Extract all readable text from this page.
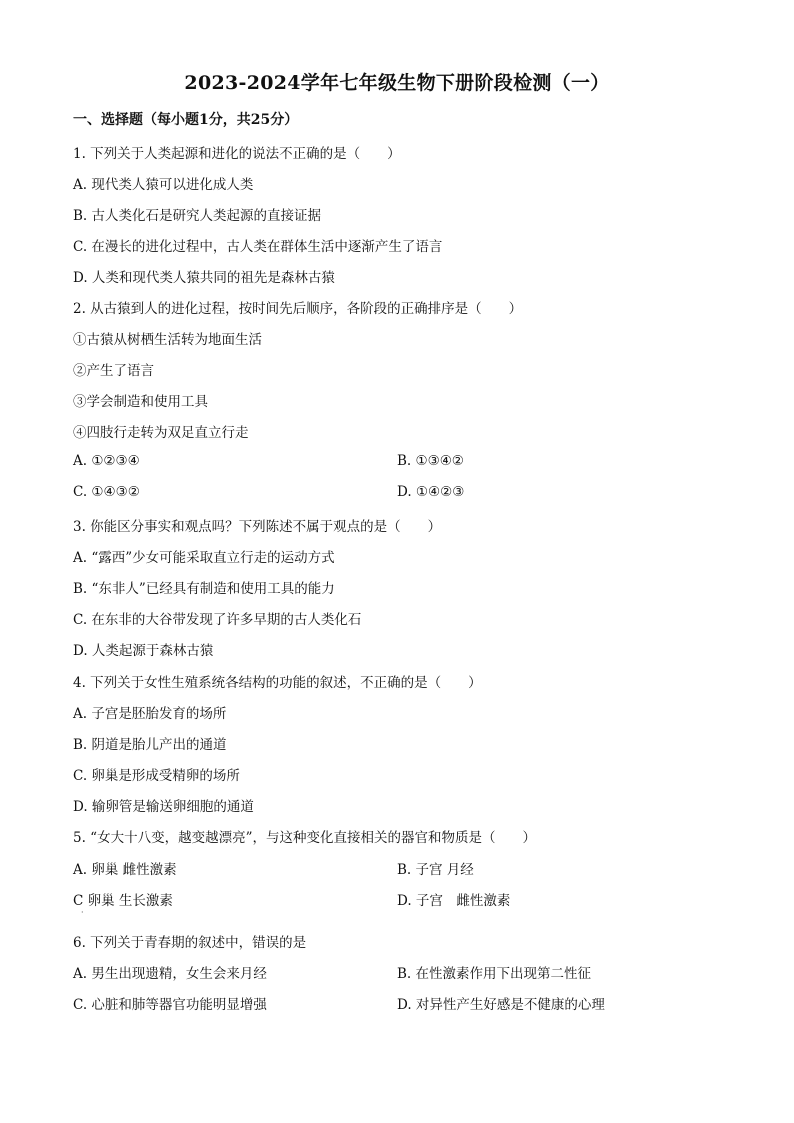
2023-2024学年七年级生物下册阶段检测（一）
一、选择题（每小题1分，共25分）
1. 下列关于人类起源和进化的说法不正确的是（　　）
A. 现代类人猿可以进化成人类
B. 古人类化石是研究人类起源的直接证据
C. 在漫长的进化过程中，古人类在群体生活中逐渐产生了语言
D. 人类和现代类人猿共同的祖先是森林古猿
2. 从古猿到人的进化过程，按时间先后顺序，各阶段的正确排序是（　　）
①古猿从树栖生活转为地面生活
②产生了语言
③学会制造和使用工具
④四肢行走转为双足直立行走
A. ①②③④	B. ①③④②
C. ①④③②	D. ①④②③
3. 你能区分事实和观点吗？下列陈述不属于观点的是（　　）
A. “露西”少女可能采取直立行走的运动方式
B. “东非人”已经具有制造和使用工具的能力
C. 在东非的大谷带发现了许多早期的古人类化石
D. 人类起源于森林古猿
4. 下列关于女性生殖系统各结构的功能的叙述，不正确的是（　　）
A. 子宫是胚胎发育的场所
B. 阴道是胎儿产出的通道
C. 卵巢是形成受精卵的场所
D. 输卵管是输送卵细胞的通道
5. “女大十八变，越变越漂亮”，与这种变化直接相关的器官和物质是（　　）
A. 卵巢 雌性激素	B. 子宫 月经
C 卵巢 生长激素	D. 子宫　雌性激素
·
6. 下列关于青春期的叙述中，错误的是
A. 男生出现遗精，女生会来月经	B. 在性激素作用下出现第二性征
C. 心脏和肺等器官功能明显增强	D. 对异性产生好感是不健康的心理
